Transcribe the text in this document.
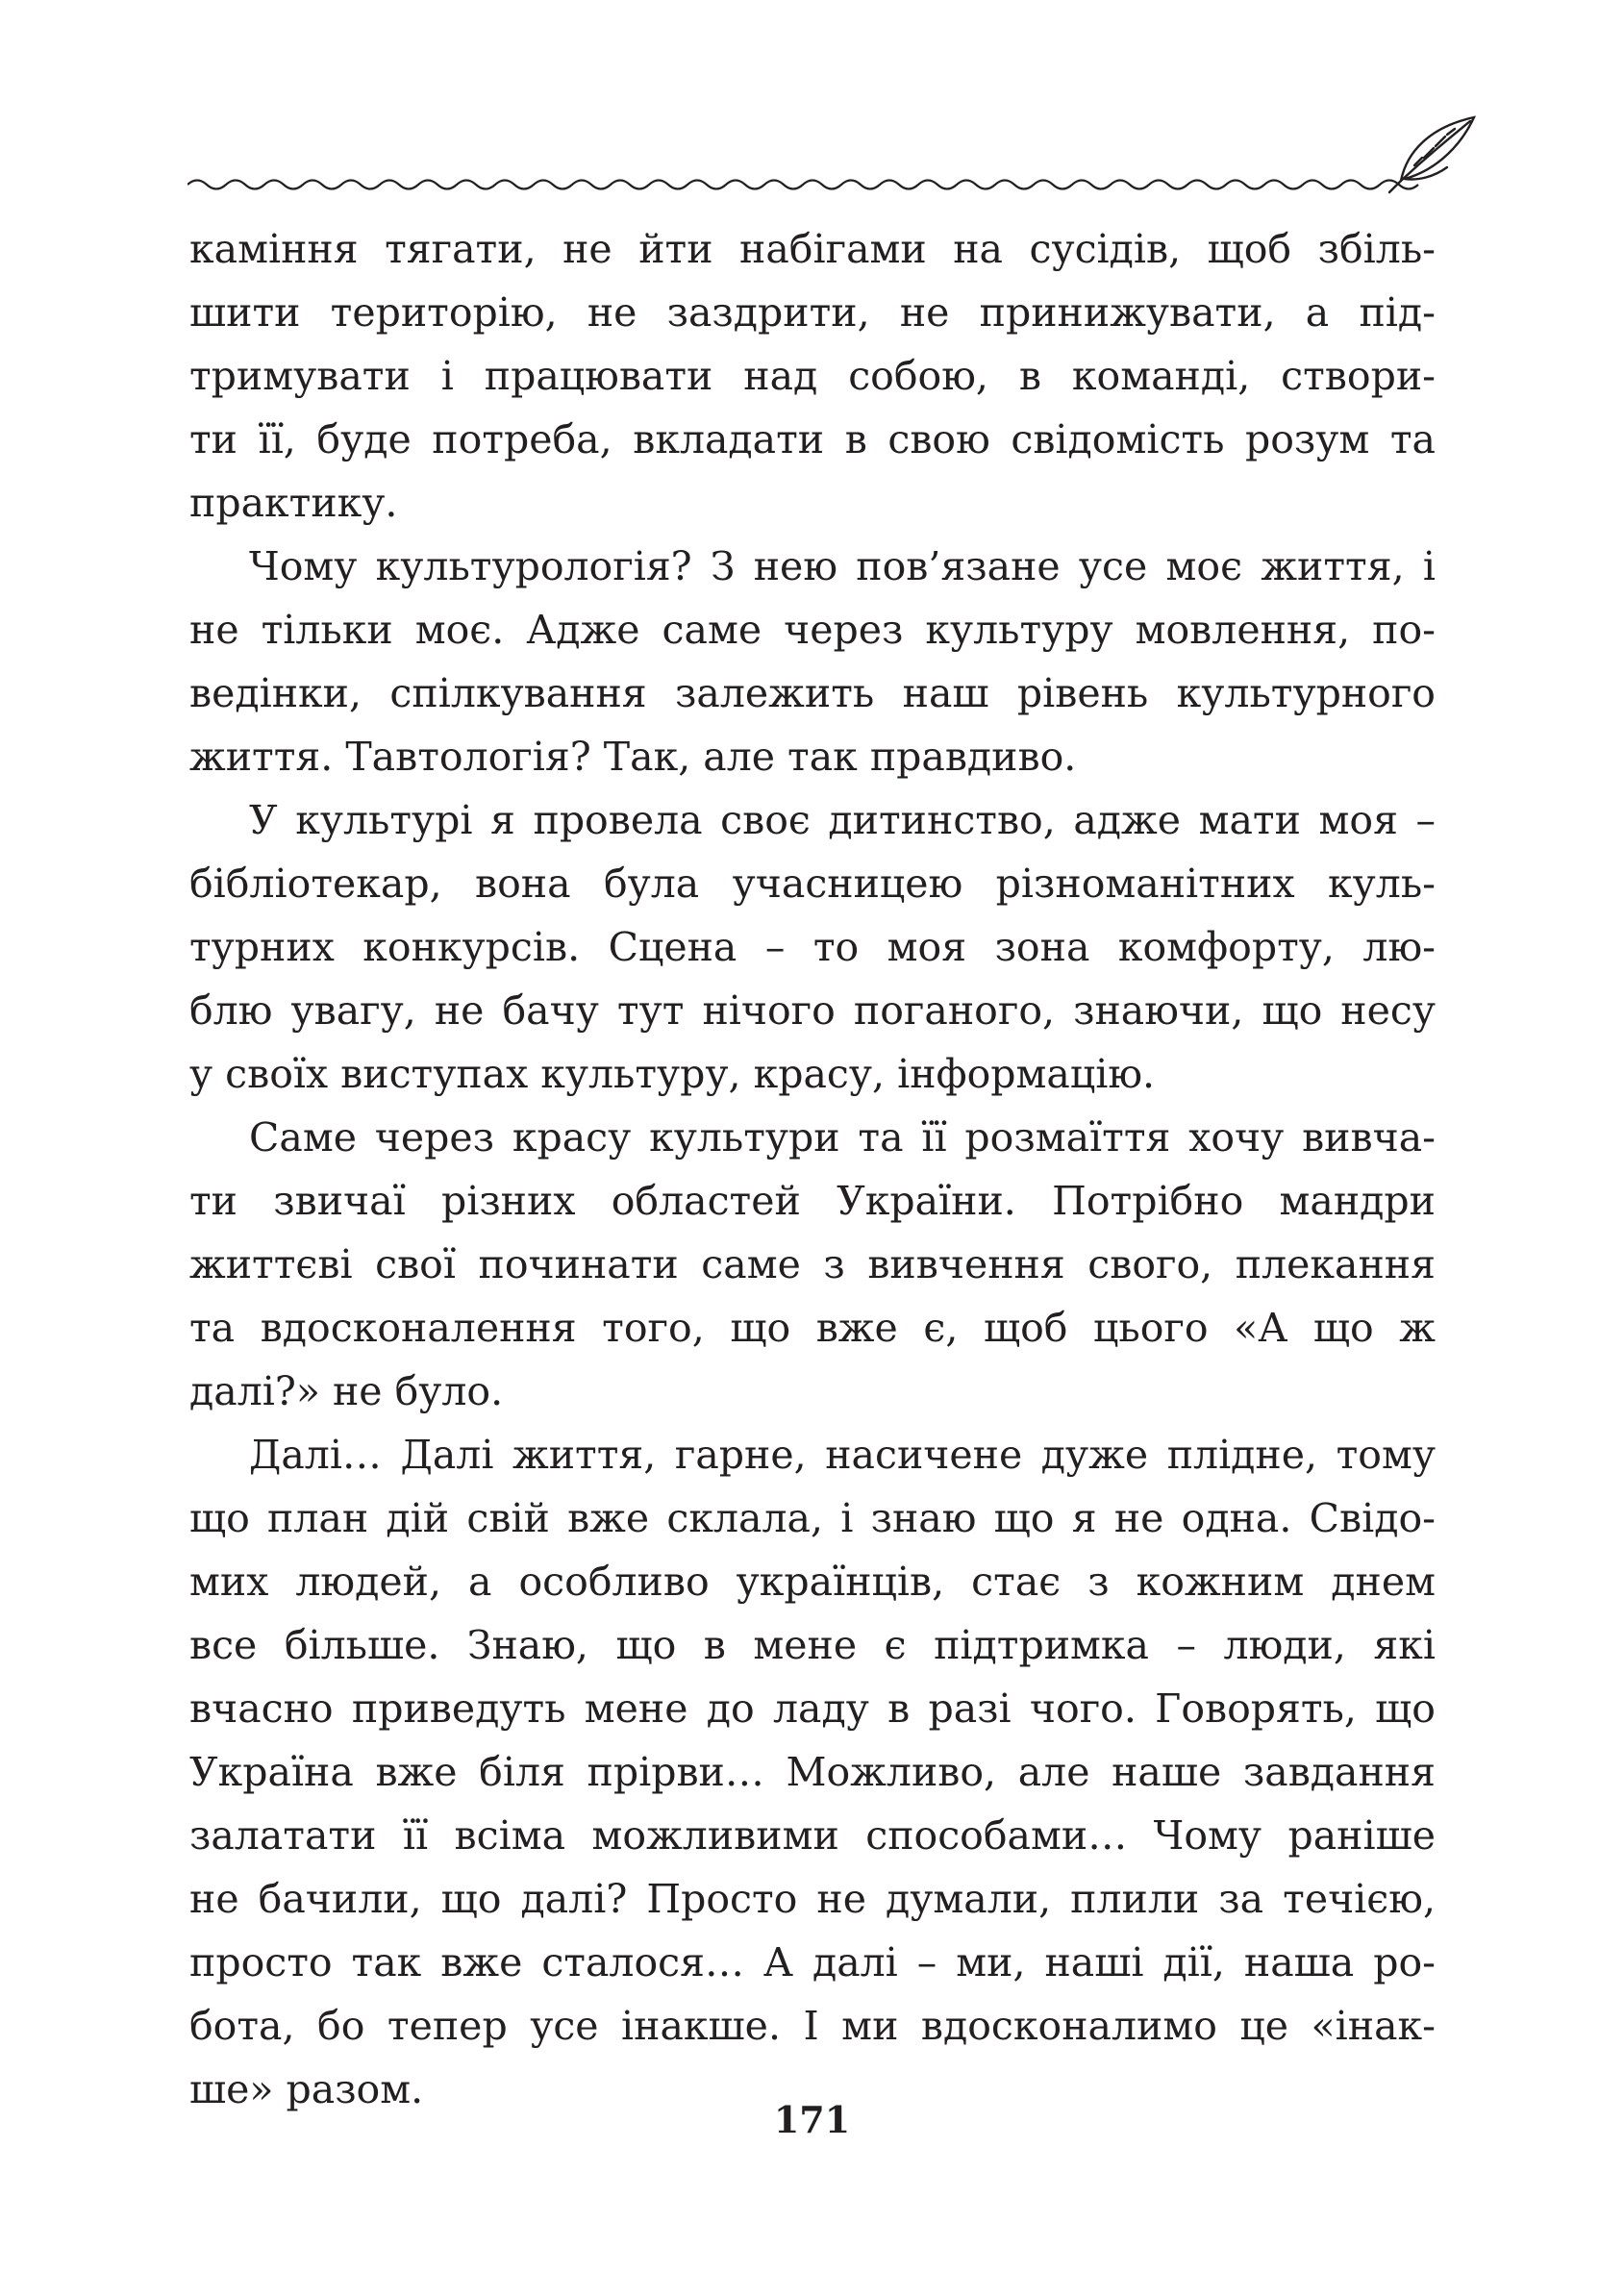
каміння тягати, не йти набігами на сусідів, щоб збіль-
шити територію, не заздрити, не принижувати, а під-
тримувати і працювати над собою, в команді, створи-
ти її, буде потреба, вкладати в свою свідомість розум та
практику.
Чому культурологія? З нею пов’язане усе моє життя, і
не тільки моє. Адже саме через культуру мовлення, по-
ведінки, спілкування залежить наш рівень культурного
життя. Тавтологія? Так, але так правдиво.
У культурі я провела своє дитинство, адже мати моя –
бібліотекар, вона була учасницею різноманітних куль-
турних конкурсів. Сцена – то моя зона комфорту, лю-
блю увагу, не бачу тут нічого поганого, знаючи, що несу
у своїх виступах культуру, красу, інформацію.
Саме через красу культури та її розмаїття хочу вивча-
ти звичаї різних областей України. Потрібно мандри
життєві свої починати саме з вивчення свого, плекання
та вдосконалення того, що вже є, щоб цього «А що ж
далі?» не було.
Далі… Далі життя, гарне, насичене дуже плідне, тому
що план дій свій вже склала, і знаю що я не одна. Свідо-
мих людей, а особливо українців, стає з кожним днем
все більше. Знаю, що в мене є підтримка – люди, які
вчасно приведуть мене до ладу в разі чого. Говорять, що
Україна вже біля прірви… Можливо, але наше завдання
залатати її всіма можливими способами… Чому раніше
не бачили, що далі? Просто не думали, плили за течією,
просто так вже сталося… А далі – ми, наші дії, наша ро-
бота, бо тепер усе інакше. І ми вдосконалимо це «інак-
ше» разом.
171
